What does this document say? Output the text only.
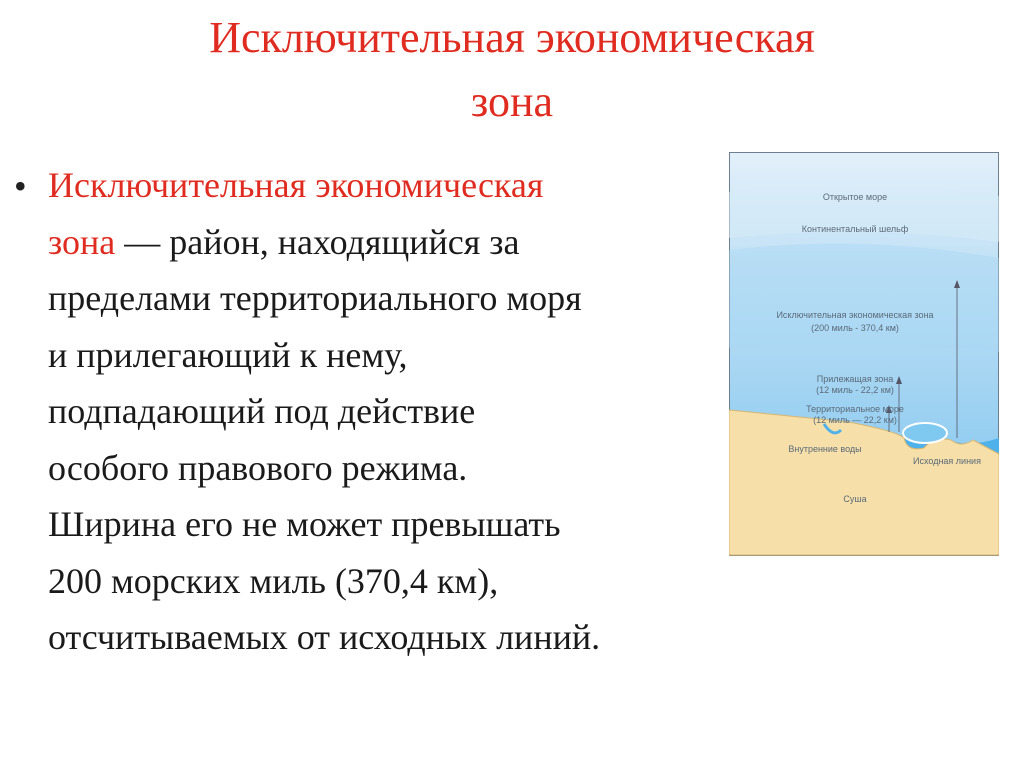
Исключительная экономическая
зона
• Исключительная экономическая
зона — район, находящийся за
пределами территориального моря
и прилегающий к нему,
подпадающий под действие
особого правового режима.
Ширина его не может превышать
200 морских миль (370,4 км),
отсчитываемых от исходных линий.
Открытое море
Континентальный шельф
Исключительная экономическая зона
(200 миль - 370,4 км)
Прилежащая зона
(12 миль - 22,2 км)
Территориальное море
(12 миль — 22,2 км)
Внутренние воды
Исходная линия
Суша
